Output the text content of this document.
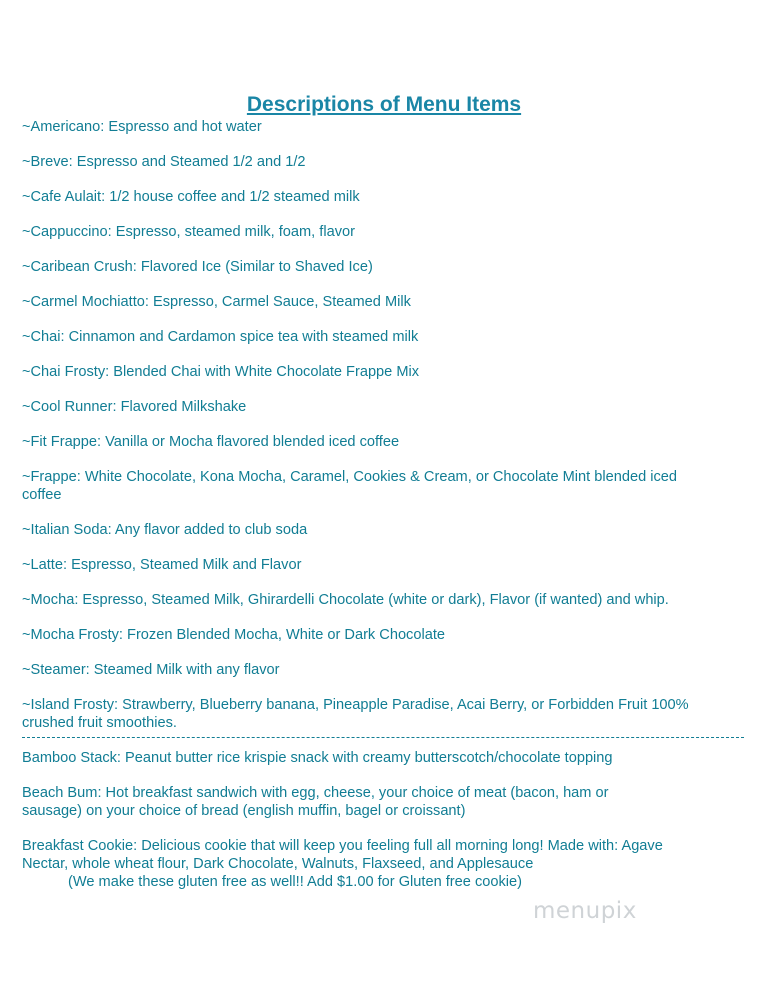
Descriptions of Menu Items
~Americano: Espresso and hot water
~Breve: Espresso and Steamed 1/2 and 1/2
~Cafe Aulait: 1/2 house coffee and 1/2 steamed milk
~Cappuccino: Espresso, steamed milk, foam, flavor
~Caribean Crush: Flavored Ice (Similar to Shaved Ice)
~Carmel Mochiatto: Espresso, Carmel Sauce, Steamed Milk
~Chai: Cinnamon and Cardamon spice tea with steamed milk
~Chai Frosty: Blended Chai with White Chocolate Frappe Mix
~Cool Runner: Flavored Milkshake
~Fit Frappe: Vanilla or Mocha flavored blended iced coffee
~Frappe: White Chocolate, Kona Mocha, Caramel, Cookies & Cream, or Chocolate Mint blended iced
coffee
~Italian Soda: Any flavor added to club soda
~Latte: Espresso, Steamed Milk and Flavor
~Mocha: Espresso, Steamed Milk, Ghirardelli Chocolate (white or dark), Flavor (if wanted) and whip.
~Mocha Frosty: Frozen Blended Mocha, White or Dark Chocolate
~Steamer: Steamed Milk with any flavor
~Island Frosty: Strawberry, Blueberry banana, Pineapple Paradise, Acai Berry, or Forbidden Fruit 100%
crushed fruit smoothies.
Bamboo Stack: Peanut butter rice krispie snack with creamy butterscotch/chocolate topping
Beach Bum: Hot breakfast sandwich with egg, cheese, your choice of meat (bacon, ham or
sausage) on your choice of bread (english muffin, bagel or croissant)
Breakfast Cookie: Delicious cookie that will keep you feeling full all morning long! Made with: Agave
Nectar, whole wheat flour, Dark Chocolate, Walnuts, Flaxseed, and Applesauce
(We make these gluten free as well!! Add $1.00 for Gluten free cookie)
menupix
